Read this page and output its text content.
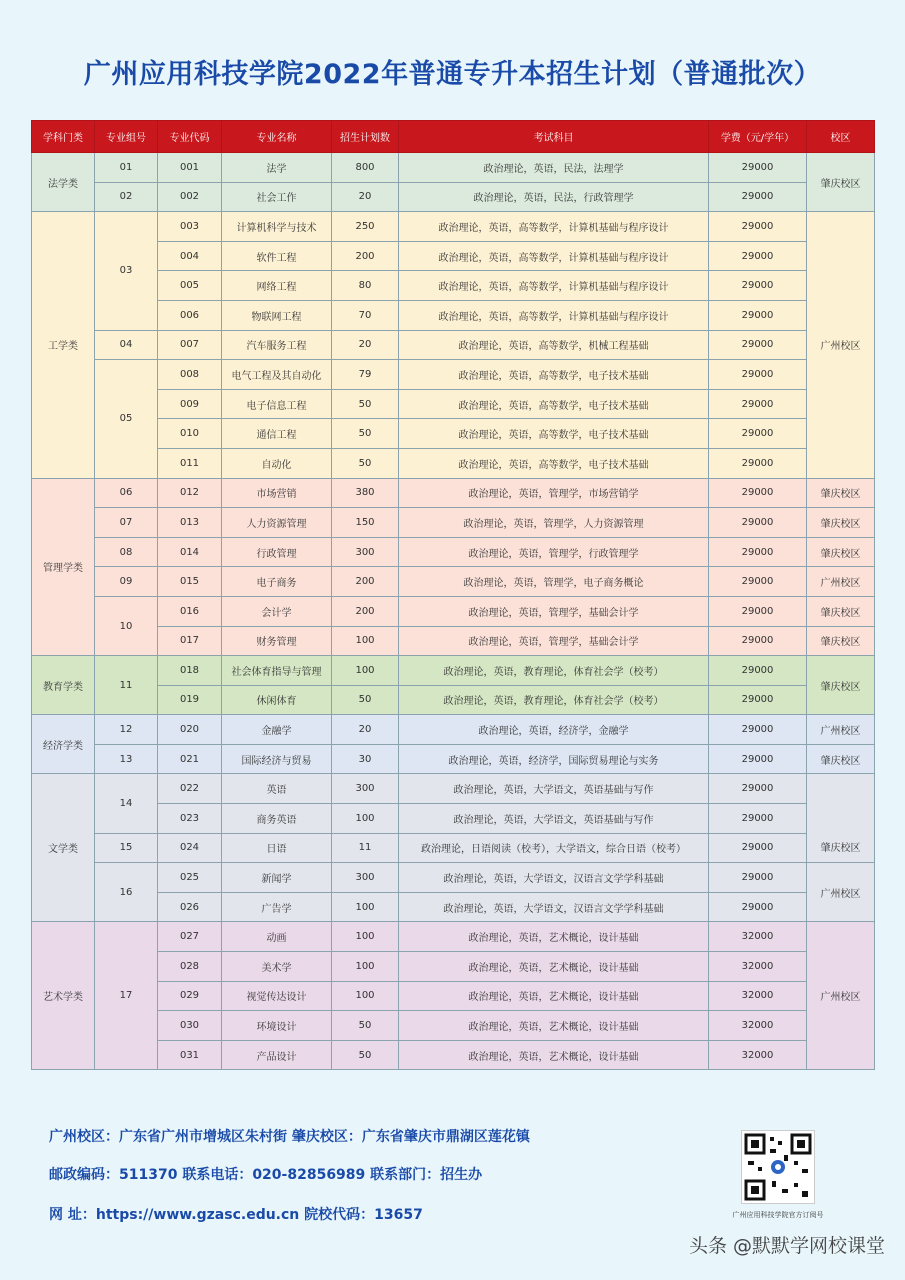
广州应用科技学院2022年普通专升本招生计划（普通批次）
学科门类	专业组号	专业代码	专业名称	招生计划数	考试科目	学费（元/学年）	校区
法学类	01	001	法学	800	政治理论，英语，民法，法理学	29000	肇庆校区
	02	002	社会工作	20	政治理论，英语，民法，行政管理学	29000	
工学类	03	003	计算机科学与技术	250	政治理论，英语，高等数学，计算机基础与程序设计	29000	广州校区
		004	软件工程	200	政治理论，英语，高等数学，计算机基础与程序设计	29000	
		005	网络工程	80	政治理论，英语，高等数学，计算机基础与程序设计	29000	
		006	物联网工程	70	政治理论，英语，高等数学，计算机基础与程序设计	29000	
	04	007	汽车服务工程	20	政治理论，英语，高等数学，机械工程基础	29000	
	05	008	电气工程及其自动化	79	政治理论，英语，高等数学，电子技术基础	29000	
		009	电子信息工程	50	政治理论，英语，高等数学，电子技术基础	29000	
		010	通信工程	50	政治理论，英语，高等数学，电子技术基础	29000	
		011	自动化	50	政治理论，英语，高等数学，电子技术基础	29000	
管理学类	06	012	市场营销	380	政治理论，英语，管理学，市场营销学	29000	肇庆校区
	07	013	人力资源管理	150	政治理论，英语，管理学，人力资源管理	29000	肇庆校区
	08	014	行政管理	300	政治理论，英语，管理学，行政管理学	29000	肇庆校区
	09	015	电子商务	200	政治理论，英语，管理学，电子商务概论	29000	广州校区
	10	016	会计学	200	政治理论，英语，管理学，基础会计学	29000	肇庆校区
		017	财务管理	100	政治理论，英语，管理学，基础会计学	29000	肇庆校区
教育学类	11	018	社会体育指导与管理	100	政治理论，英语，教育理论，体育社会学（校考）	29000	肇庆校区
		019	休闲体育	50	政治理论，英语，教育理论，体育社会学（校考）	29000	
经济学类	12	020	金融学	20	政治理论，英语，经济学，金融学	29000	广州校区
	13	021	国际经济与贸易	30	政治理论，英语，经济学，国际贸易理论与实务	29000	肇庆校区
文学类	14	022	英语	300	政治理论，英语，大学语文，英语基础与写作	29000	肇庆校区
		023	商务英语	100	政治理论，英语，大学语文，英语基础与写作	29000	
	15	024	日语	11	政治理论，日语阅读（校考），大学语文，综合日语（校考）	29000	
	16	025	新闻学	300	政治理论，英语，大学语文，汉语言文学学科基础	29000	广州校区
		026	广告学	100	政治理论，英语，大学语文，汉语言文学学科基础	29000	
艺术学类	17	027	动画	100	政治理论，英语，艺术概论，设计基础	32000	广州校区
		028	美术学	100	政治理论，英语，艺术概论，设计基础	32000	
		029	视觉传达设计	100	政治理论，英语，艺术概论，设计基础	32000	
		030	环境设计	50	政治理论，英语，艺术概论，设计基础	32000	
		031	产品设计	50	政治理论，英语，艺术概论，设计基础	32000	
广州校区：广东省广州市增城区朱村街 肇庆校区：广东省肇庆市鼎湖区莲花镇
邮政编码：511370 联系电话：020-82856989 联系部门：招生办
网 址：https://www.gzasc.edu.cn 院校代码：13657	广州应用科技学院官方订阅号
头条 @默默学网校课堂
